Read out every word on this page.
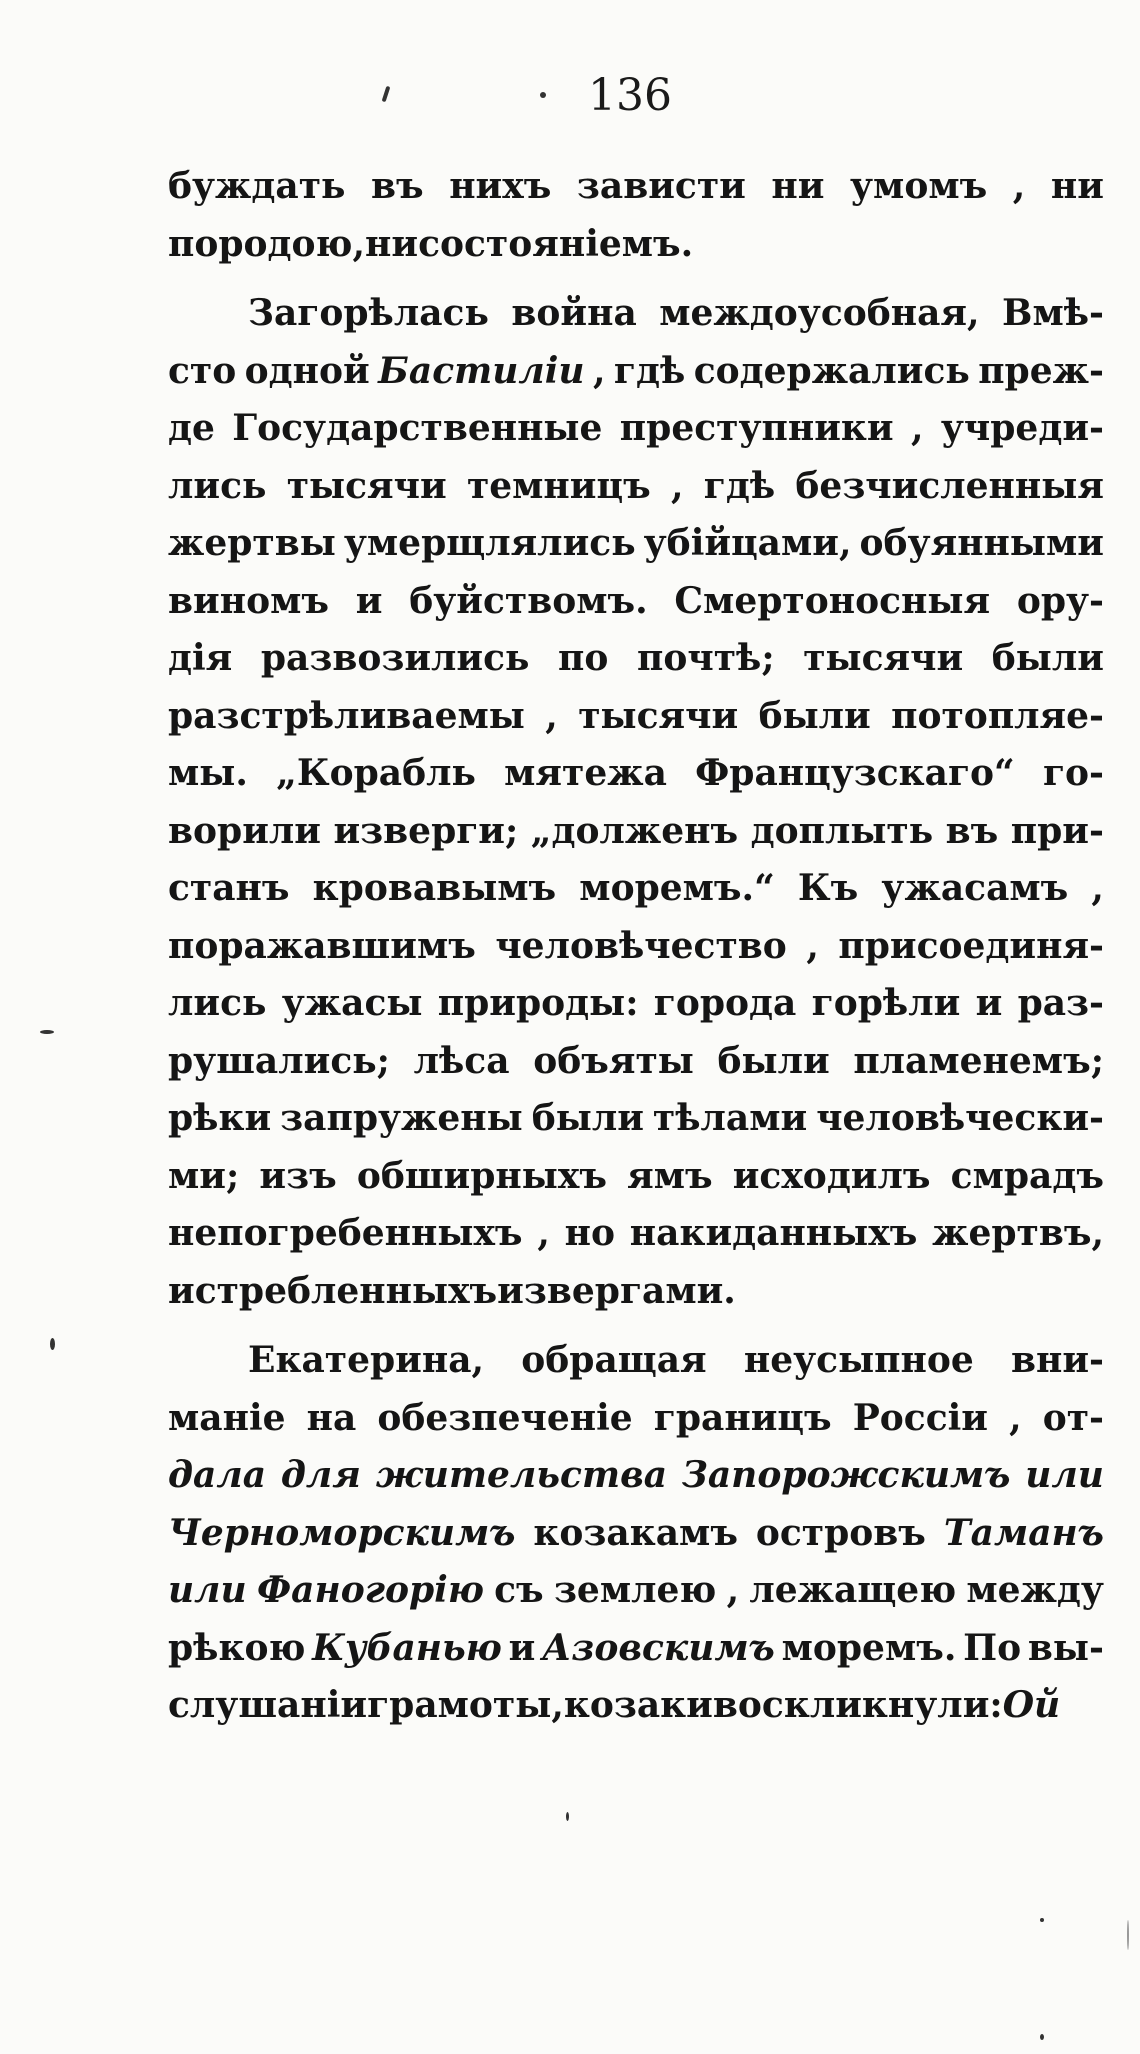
136
буждать въ нихъ зависти ни умомъ , ни
породою , ни состоянiемъ.
Загорѣлась война междоусобная, Вмѣ-
сто одной Бастилiи , гдѣ содержались преж-
де Государственные преступники , учреди-
лись тысячи темницъ , гдѣ безчисленныя
жертвы умерщлялись убiйцами, обуянными
виномъ и буйствомъ. Смертоносныя ору-
дiя развозились по почтѣ; тысячи были
разстрѣливаемы , тысячи были потопляе-
мы. „Корабль мятежа Французскаго“ го-
ворили изверги; „долженъ доплыть въ при-
станъ кровавымъ моремъ.“ Къ ужасамъ ,
поражавшимъ человѣчество , присоединя-
лись ужасы природы: города горѣли и раз-
рушались; лѣса объяты были пламенемъ;
рѣки запружены были тѣлами человѣчески-
ми; изъ обширныхъ ямъ исходилъ смрадъ
непогребенныхъ , но накиданныхъ жертвъ,
истребленныхъ извергами.
Екатерина, обращая неусыпное вни-
манiе на обезпеченiе границъ Россiи , от-
дала для жительства Запорожскимъ или
Черноморскимъ козакамъ островъ Таманъ
или Фаногорiю съ землею , лежащею между
рѣкою Кубанью и Азовскимъ моремъ. По вы-
слушанiи грамоты, козаки воскликнули: Ой
